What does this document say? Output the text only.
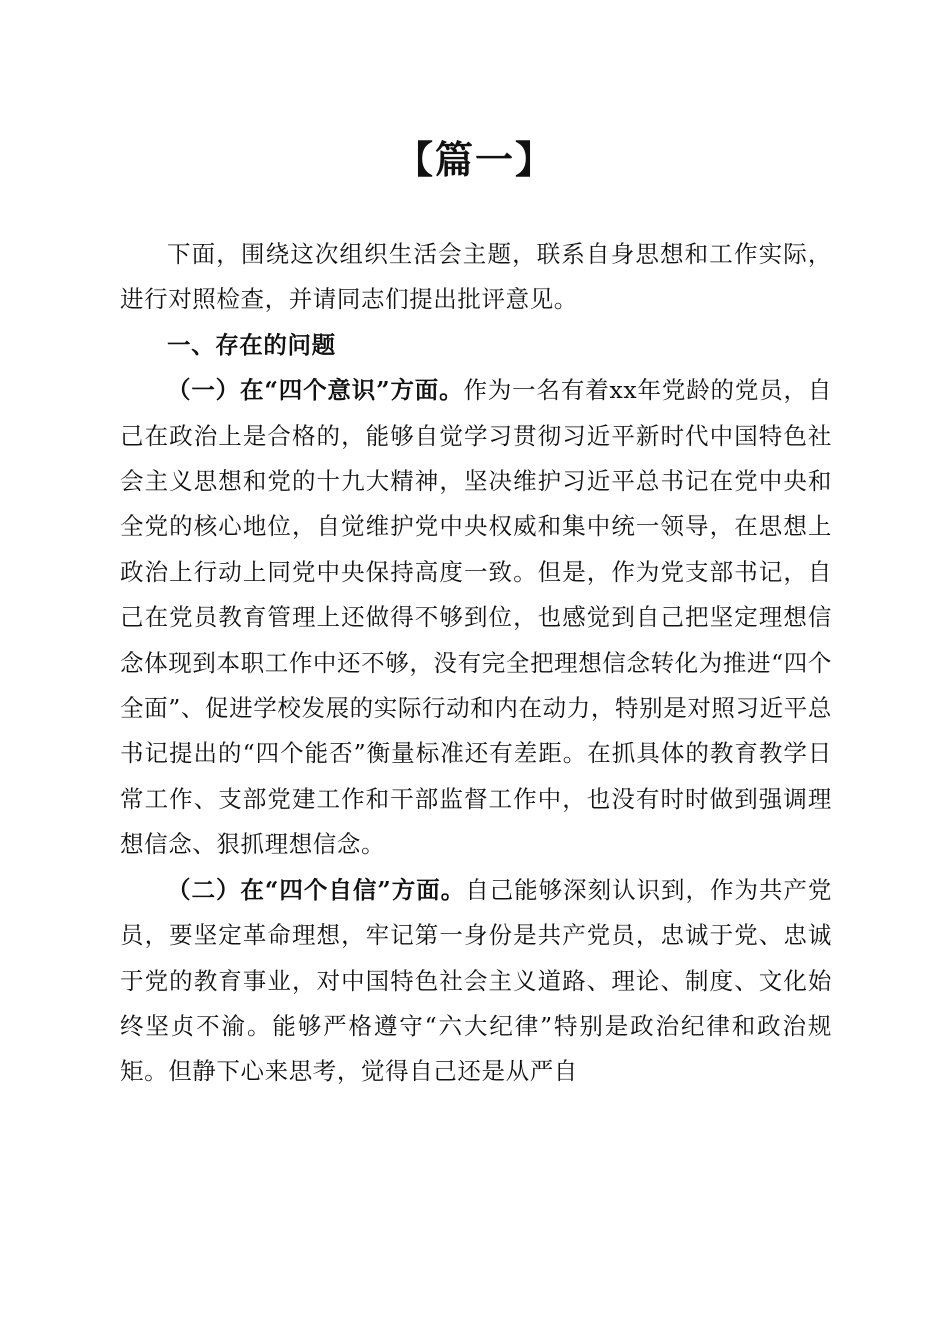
【篇一】

下面，围绕这次组织生活会主题，联系自身思想和工作实际，进行对照检查，并请同志们提出批评意见。

一、存在的问题

（一）在“四个意识”方面。作为一名有着xx年党龄的党员，自己在政治上是合格的，能够自觉学习贯彻习近平新时代中国特色社会主义思想和党的十九大精神，坚决维护习近平总书记在党中央和全党的核心地位，自觉维护党中央权威和集中统一领导，在思想上政治上行动上同党中央保持高度一致。但是，作为党支部书记，自己在党员教育管理上还做得不够到位，也感觉到自己把坚定理想信念体现到本职工作中还不够，没有完全把理想信念转化为推进“四个全面”、促进学校发展的实际行动和内在动力，特别是对照习近平总书记提出的“四个能否”衡量标准还有差距。在抓具体的教育教学日常工作、支部党建工作和干部监督工作中，也没有时时做到强调理想信念、狠抓理想信念。

（二）在“四个自信”方面。自己能够深刻认识到，作为共产党员，要坚定革命理想，牢记第一身份是共产党员，忠诚于党、忠诚于党的教育事业，对中国特色社会主义道路、理论、制度、文化始终坚贞不渝。能够严格遵守“六大纪律”特别是政治纪律和政治规矩。但静下心来思考，觉得自己还是从严自
